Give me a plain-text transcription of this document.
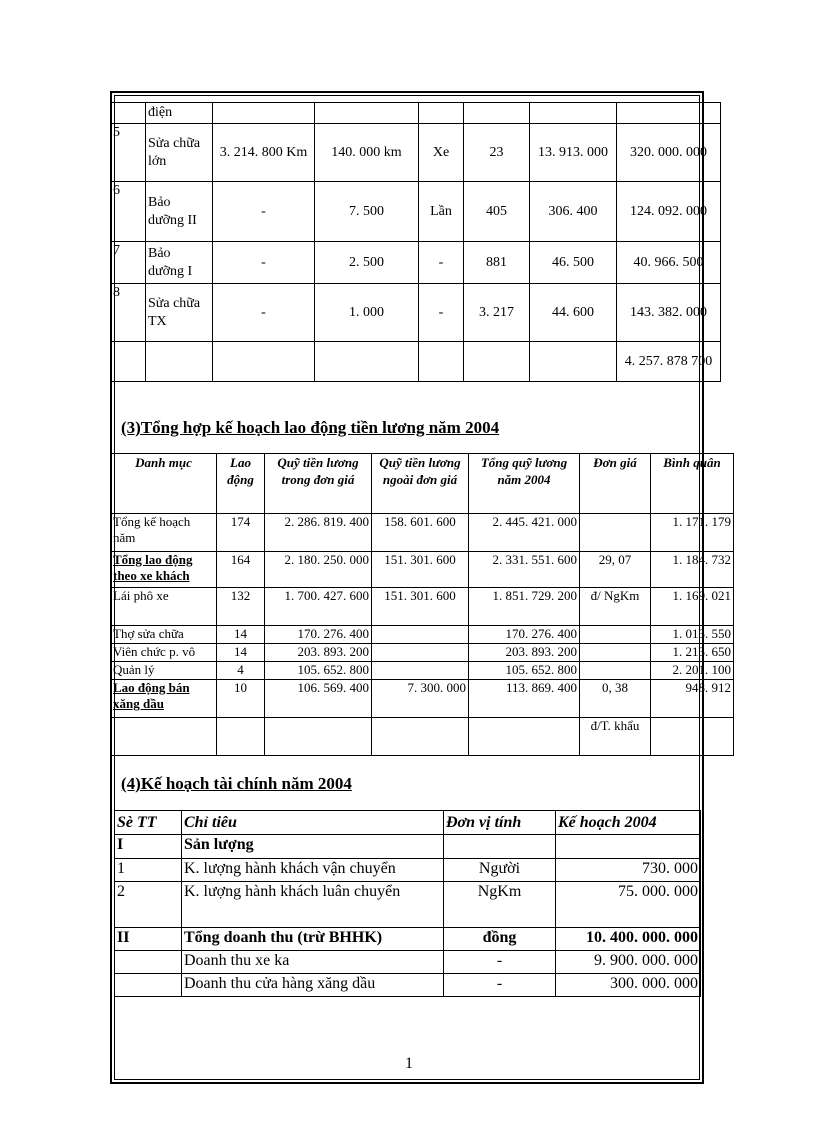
	điện						
5	Sửa chữa lớn	3. 214. 800 Km	140. 000 km	Xe	23	13. 913. 000	320. 000. 000
6	Bảo dưỡng II	-	7. 500	Lần	405	306. 400	124. 092. 000
7	Bảo dưỡng I	-	2. 500	-	881	46. 500	40. 966. 500
8	Sửa chữa TX	-	1. 000	-	3. 217	44. 600	143. 382. 000
							4. 257. 878 700
(3)Tổng hợp kế hoạch lao động tiền lương năm 2004
Danh mục	Lao động	Quỹ tiền lương trong đơn giá	Quỹ tiền lương ngoài đơn giá	Tổng quỹ lương năm 2004	Đơn giá	Bình quân
Tổng kế hoạch năm	174	2. 286. 819. 400	158. 601. 600	2. 445. 421. 000		1. 171. 179
Tổng lao động theo xe khách	164	2. 180. 250. 000	151. 301. 600	2. 331. 551. 600	29, 07	1. 184. 732
Lái phô xe	132	1. 700. 427. 600	151. 301. 600	1. 851. 729. 200	đ/ NgKm	1. 169. 021
Thợ sửa chữa	14	170. 276. 400		170. 276. 400		1. 013. 550
Viên chức p. vô	14	203. 893. 200		203. 893. 200		1. 213. 650
Quản lý	4	105. 652. 800		105. 652. 800		2. 201. 100
Lao động bán xăng dầu	10	106. 569. 400	7. 300. 000	113. 869. 400	0, 38	948. 912
					đ/T. khẩu	
(4)Kế hoạch tài chính năm 2004
Sè TT	Chỉ tiêu	Đơn vị tính	Kế hoạch 2004
I	Sản lượng		
1	K. lượng hành khách vận chuyển	Người	730. 000
2	K. lượng hành khách luân chuyển	NgKm	75. 000. 000
II	Tổng doanh thu (trừ BHHK)	đồng	10. 400. 000. 000
	Doanh thu xe ka	-	9. 900. 000. 000
	Doanh thu cửa hàng xăng dầu	-	300. 000. 000
1
